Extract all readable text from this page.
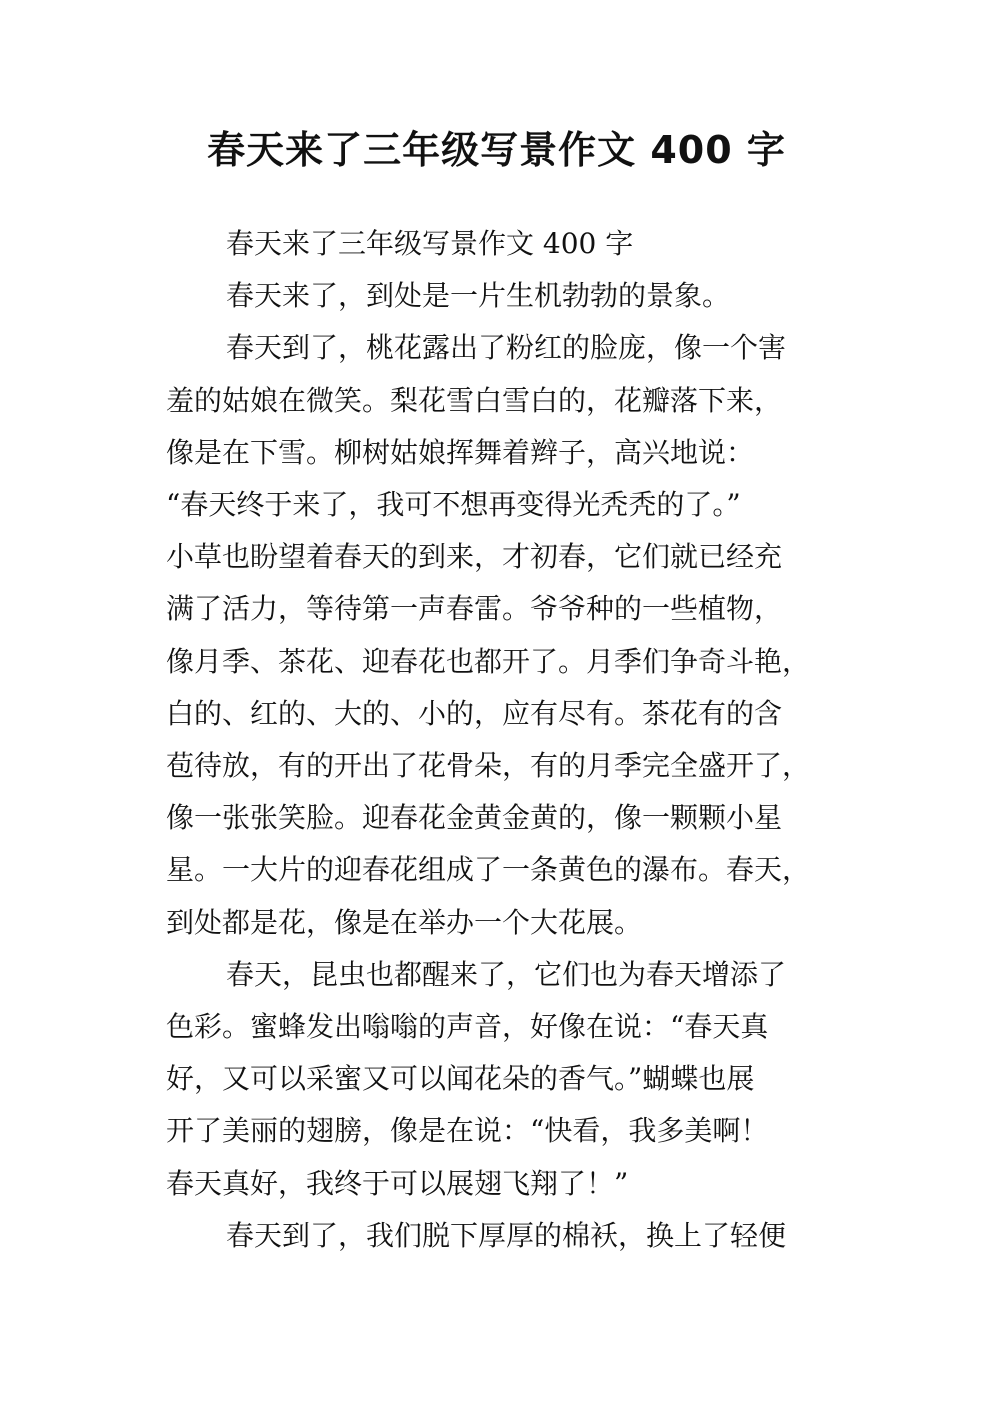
春天来了三年级写景作文 400 字
春天来了三年级写景作文 400 字
春天来了，到处是一片生机勃勃的景象。
春天到了，桃花露出了粉红的脸庞，像一个害
羞的姑娘在微笑。梨花雪白雪白的，花瓣落下来，
像是在下雪。柳树姑娘挥舞着辫子，高兴地说：
“春天终于来了，我可不想再变得光秃秃的了。”
小草也盼望着春天的到来，才初春，它们就已经充
满了活力，等待第一声春雷。爷爷种的一些植物，
像月季、茶花、迎春花也都开了。月季们争奇斗艳，
白的、红的、大的、小的，应有尽有。茶花有的含
苞待放，有的开出了花骨朵，有的月季完全盛开了，
像一张张笑脸。迎春花金黄金黄的，像一颗颗小星
星。一大片的迎春花组成了一条黄色的瀑布。春天，
到处都是花，像是在举办一个大花展。
春天，昆虫也都醒来了，它们也为春天增添了
色彩。蜜蜂发出嗡嗡的声音，好像在说：“春天真
好，又可以采蜜又可以闻花朵的香气。”蝴蝶也展
开了美丽的翅膀，像是在说：“快看，我多美啊！
春天真好，我终于可以展翅飞翔了！”
春天到了，我们脱下厚厚的棉袄，换上了轻便
